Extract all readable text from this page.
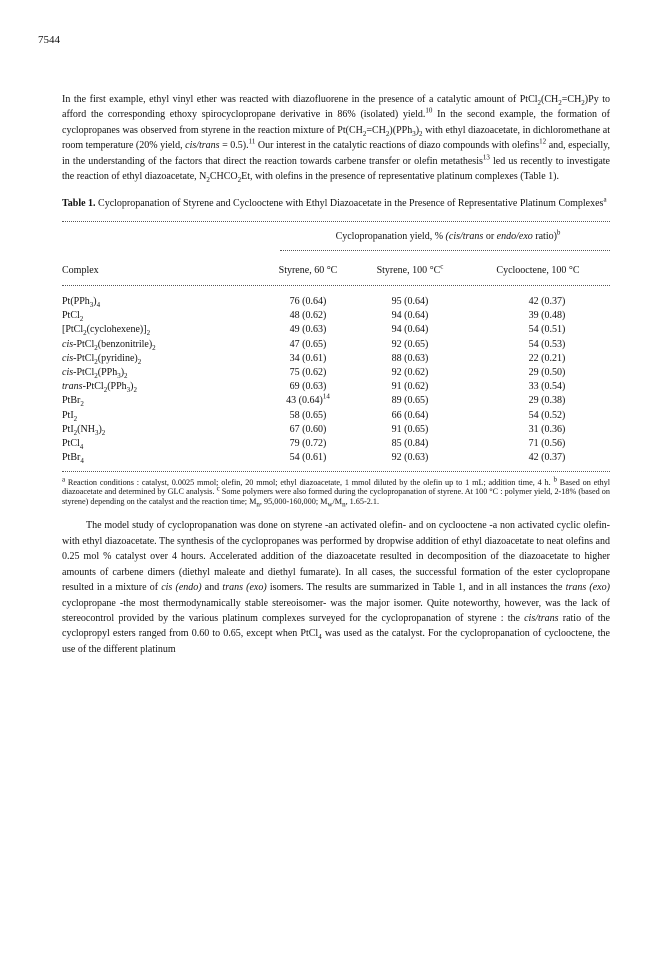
7544

In the first example, ethyl vinyl ether was reacted with diazofluorene in the presence of a catalytic amount of $PtCl_2(CH_2=CH_2)Py$ to afford the corresponding ethoxy spirocyclopropane derivative in 86% (isolated) yield.$^{10}$ In the second example, the formation of cyclopropanes was observed from styrene in the reaction mixture of $Pt(CH_2=CH_2)(PPh_3)_2$ with ethyl diazoacetate, in dichloromethane at room temperature (20% yield, cis/trans = 0.5).$^{11}$ Our interest in the catalytic reactions of diazo compounds with olefins$^{12}$ and, especially, in the understanding of the factors that direct the reaction towards carbene transfer or olefin metathesis$^{13}$ led us recently to investigate the reaction of ethyl diazoacetate, $N_2CHCO_2Et$, with olefins in the presence of representative platinum complexes (Table 1).

Table 1. Cyclopropanation of Styrene and Cyclooctene with Ethyl Diazoacetate in the Presence of Representative Platinum Complexes$^a$

Cyclopropanation yield, % (cis/trans or endo/exo ratio)$^b$
Complex	Styrene, 60 °C	Styrene, 100 $^\circ C^c$	Cyclooctene, 100 °C
$Pt(PPh_3)_4$	76 (0.64)	95 (0.64)	42 (0.37)
PtCl$_2$	48 (0.62)	94 (0.64)	39 (0.48)
$[PtCl_2(cyclohexene)]_2$	49 (0.63)	94 (0.64)	54 (0.51)
cis-$PtCl_2(benzonitrile)_2$	47 (0.65)	92 (0.65)	54 (0.53)
cis-$PtCl_2(pyridine)_2$	34 (0.61)	88 (0.63)	22 (0.21)
cis-$PtCl_2(PPh_3)_2$	75 (0.62)	92 (0.62)	29 (0.50)
trans-$PtCl_2(PPh_3)_2$	69 (0.63)	91 (0.62)	33 (0.54)
PtBr$_2$	43 $(0.64)^{14}$	89 (0.65)	29 (0.38)
PtI$_2$	58 (0.65)	66 (0.64)	54 (0.52)
$PtI_2(NH_3)_2$	67 (0.60)	91 (0.65)	31 (0.36)
PtCl$_4$	79 (0.72)	85 (0.84)	71 (0.56)
PtBr$_4$	54 (0.61)	92 (0.63)	42 (0.37)

$^a$ Reaction conditions : catalyst, 0.0025 mmol; olefin, 20 mmol; ethyl diazoacetate, 1 mmol diluted by the olefin up to 1 mL; addition time, 4 h. $^b$ Based on ethyl diazoacetate and determined by GLC analysis. $^c$ Some polymers were also formed during the cyclopropanation of styrene. At 100 °C : polymer yield, 2-18% (based on styrene) depending on the catalyst and the reaction time; $M_n$, 95,000-160,000; $M_w/M_n$, 1.65-2.1.

The model study of cyclopropanation was done on styrene -an activated olefin- and on cyclooctene -a non activated cyclic olefin- with ethyl diazoacetate. The synthesis of the cyclopropanes was performed by dropwise addition of ethyl diazoacetate to neat olefins and 0.25 mol % catalyst over 4 hours. Accelerated addition of the diazoacetate resulted in decomposition of the diazoacetate to higher amounts of carbene dimers (diethyl maleate and diethyl fumarate). In all cases, the successful formation of the ester cyclopropane resulted in a mixture of cis (endo) and trans (exo) isomers. The results are summarized in Table 1, and in all instances the trans (exo) cyclopropane -the most thermodynamically stable stereoisomer- was the major isomer. Quite noteworthy, however, was the lack of stereocontrol provided by the various platinum complexes surveyed for the cyclopropanation of styrene : the cis/trans ratio of the cyclopropyl esters ranged from 0.60 to 0.65, except when PtCl$_4$ was used as the catalyst. For the cyclopropanation of cyclooctene, the use of the different platinum
